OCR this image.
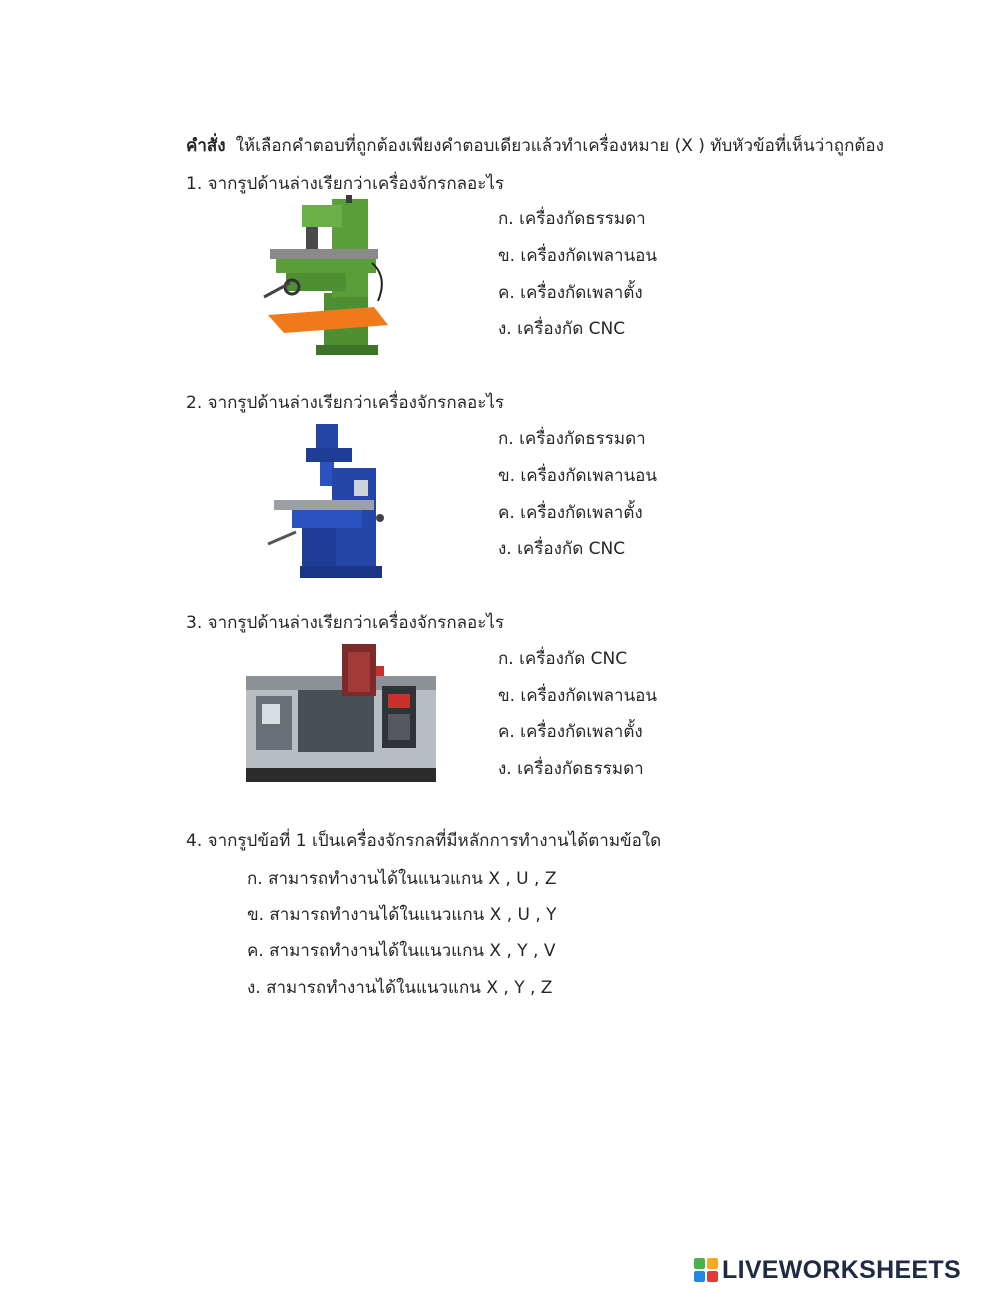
คำสั่ง ให้เลือกคำตอบที่ถูกต้องเพียงคำตอบเดียวแล้วทำเครื่องหมาย (X ) ทับหัวข้อที่เห็นว่าถูกต้อง
1. จากรูปด้านล่างเรียกว่าเครื่องจักรกลอะไร
ก. เครื่องกัดธรรมดา
ข. เครื่องกัดเพลานอน
ค. เครื่องกัดเพลาตั้ง
ง. เครื่องกัด CNC
2. จากรูปด้านล่างเรียกว่าเครื่องจักรกลอะไร
ก. เครื่องกัดธรรมดา
ข. เครื่องกัดเพลานอน
ค. เครื่องกัดเพลาตั้ง
ง. เครื่องกัด CNC
3. จากรูปด้านล่างเรียกว่าเครื่องจักรกลอะไร
ก. เครื่องกัด CNC
ข. เครื่องกัดเพลานอน
ค. เครื่องกัดเพลาตั้ง
ง. เครื่องกัดธรรมดา
4. จากรูปข้อที่ 1 เป็นเครื่องจักรกลที่มีหลักการทำงานได้ตามข้อใด
ก. สามารถทำงานได้ในแนวแกน X , U , Z
ข. สามารถทำงานได้ในแนวแกน X , U , Y
ค. สามารถทำงานได้ในแนวแกน X , Y , V
ง. สามารถทำงานได้ในแนวแกน X , Y , Z
LIVEWORKSHEETS
